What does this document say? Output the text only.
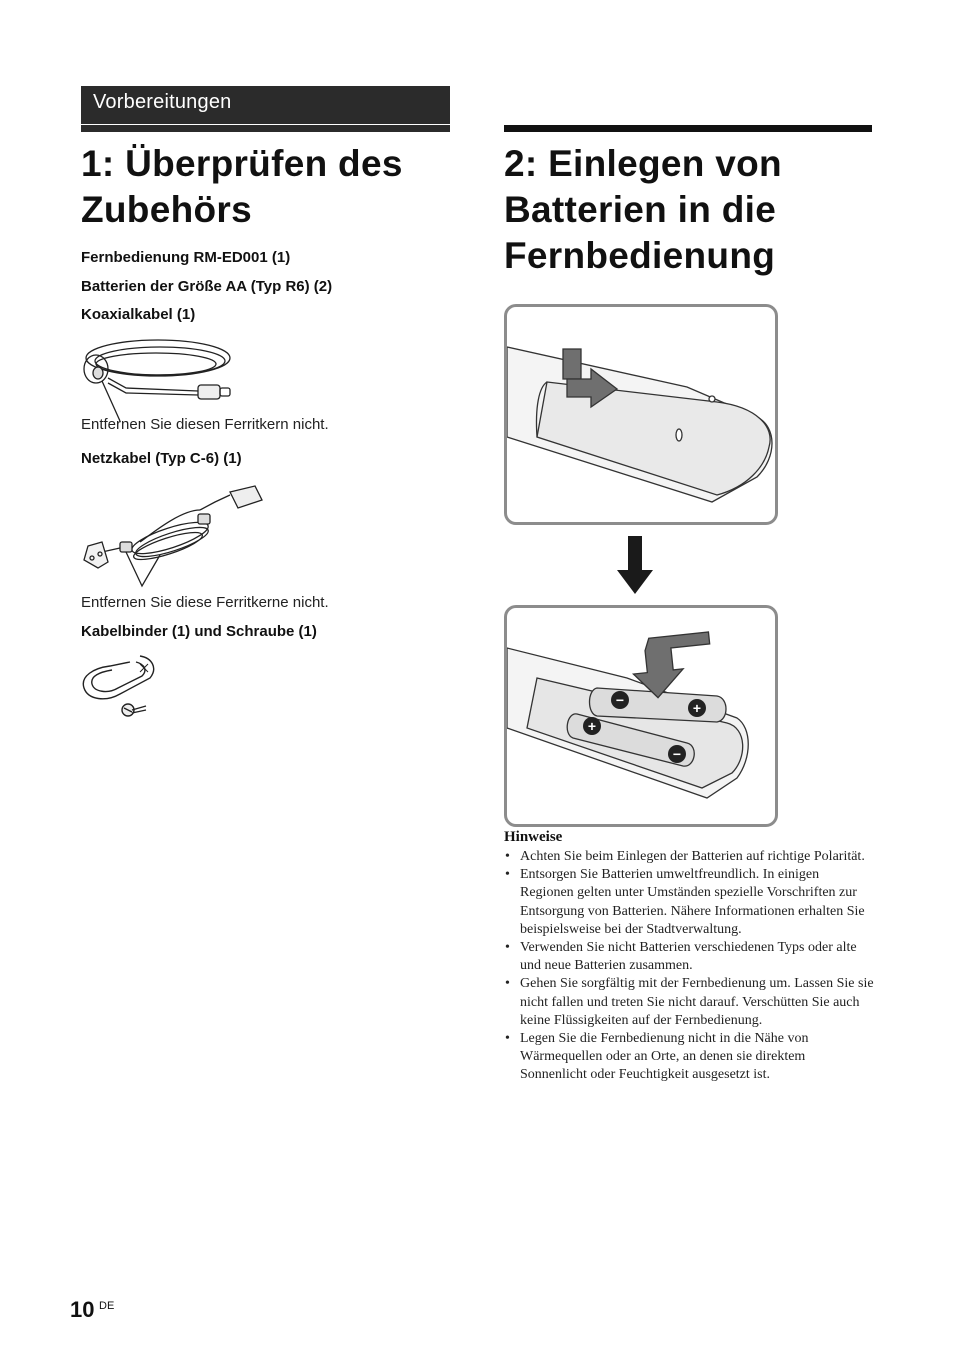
Vorbereitungen
1: Überprüfen des Zubehörs
Fernbedienung RM-ED001 (1)
Batterien der Größe AA (Typ R6) (2)
Koaxialkabel (1)
Entfernen Sie diesen Ferritkern nicht.
Netzkabel (Typ C-6) (1)
Entfernen Sie diese Ferritkerne nicht.
Kabelbinder (1) und Schraube (1)
2: Einlegen von Batterien in die Fernbedienung
−	+
+
−
Hinweise
• Achten Sie beim Einlegen der Batterien auf richtige Polarität.
• Entsorgen Sie Batterien umweltfreundlich. In einigen Regionen gelten unter Umständen spezielle Vorschriften zur Entsorgung von Batterien. Nähere Informationen erhalten Sie beispielsweise bei der Stadtverwaltung.
• Verwenden Sie nicht Batterien verschiedenen Typs oder alte und neue Batterien zusammen.
• Gehen Sie sorgfältig mit der Fernbedienung um. Lassen Sie sie nicht fallen und treten Sie nicht darauf. Verschütten Sie auch keine Flüssigkeiten auf der Fernbedienung.
• Legen Sie die Fernbedienung nicht in die Nähe von Wärmequellen oder an Orte, an denen sie direktem Sonnenlicht oder Feuchtigkeit ausgesetzt ist.
10 DE
